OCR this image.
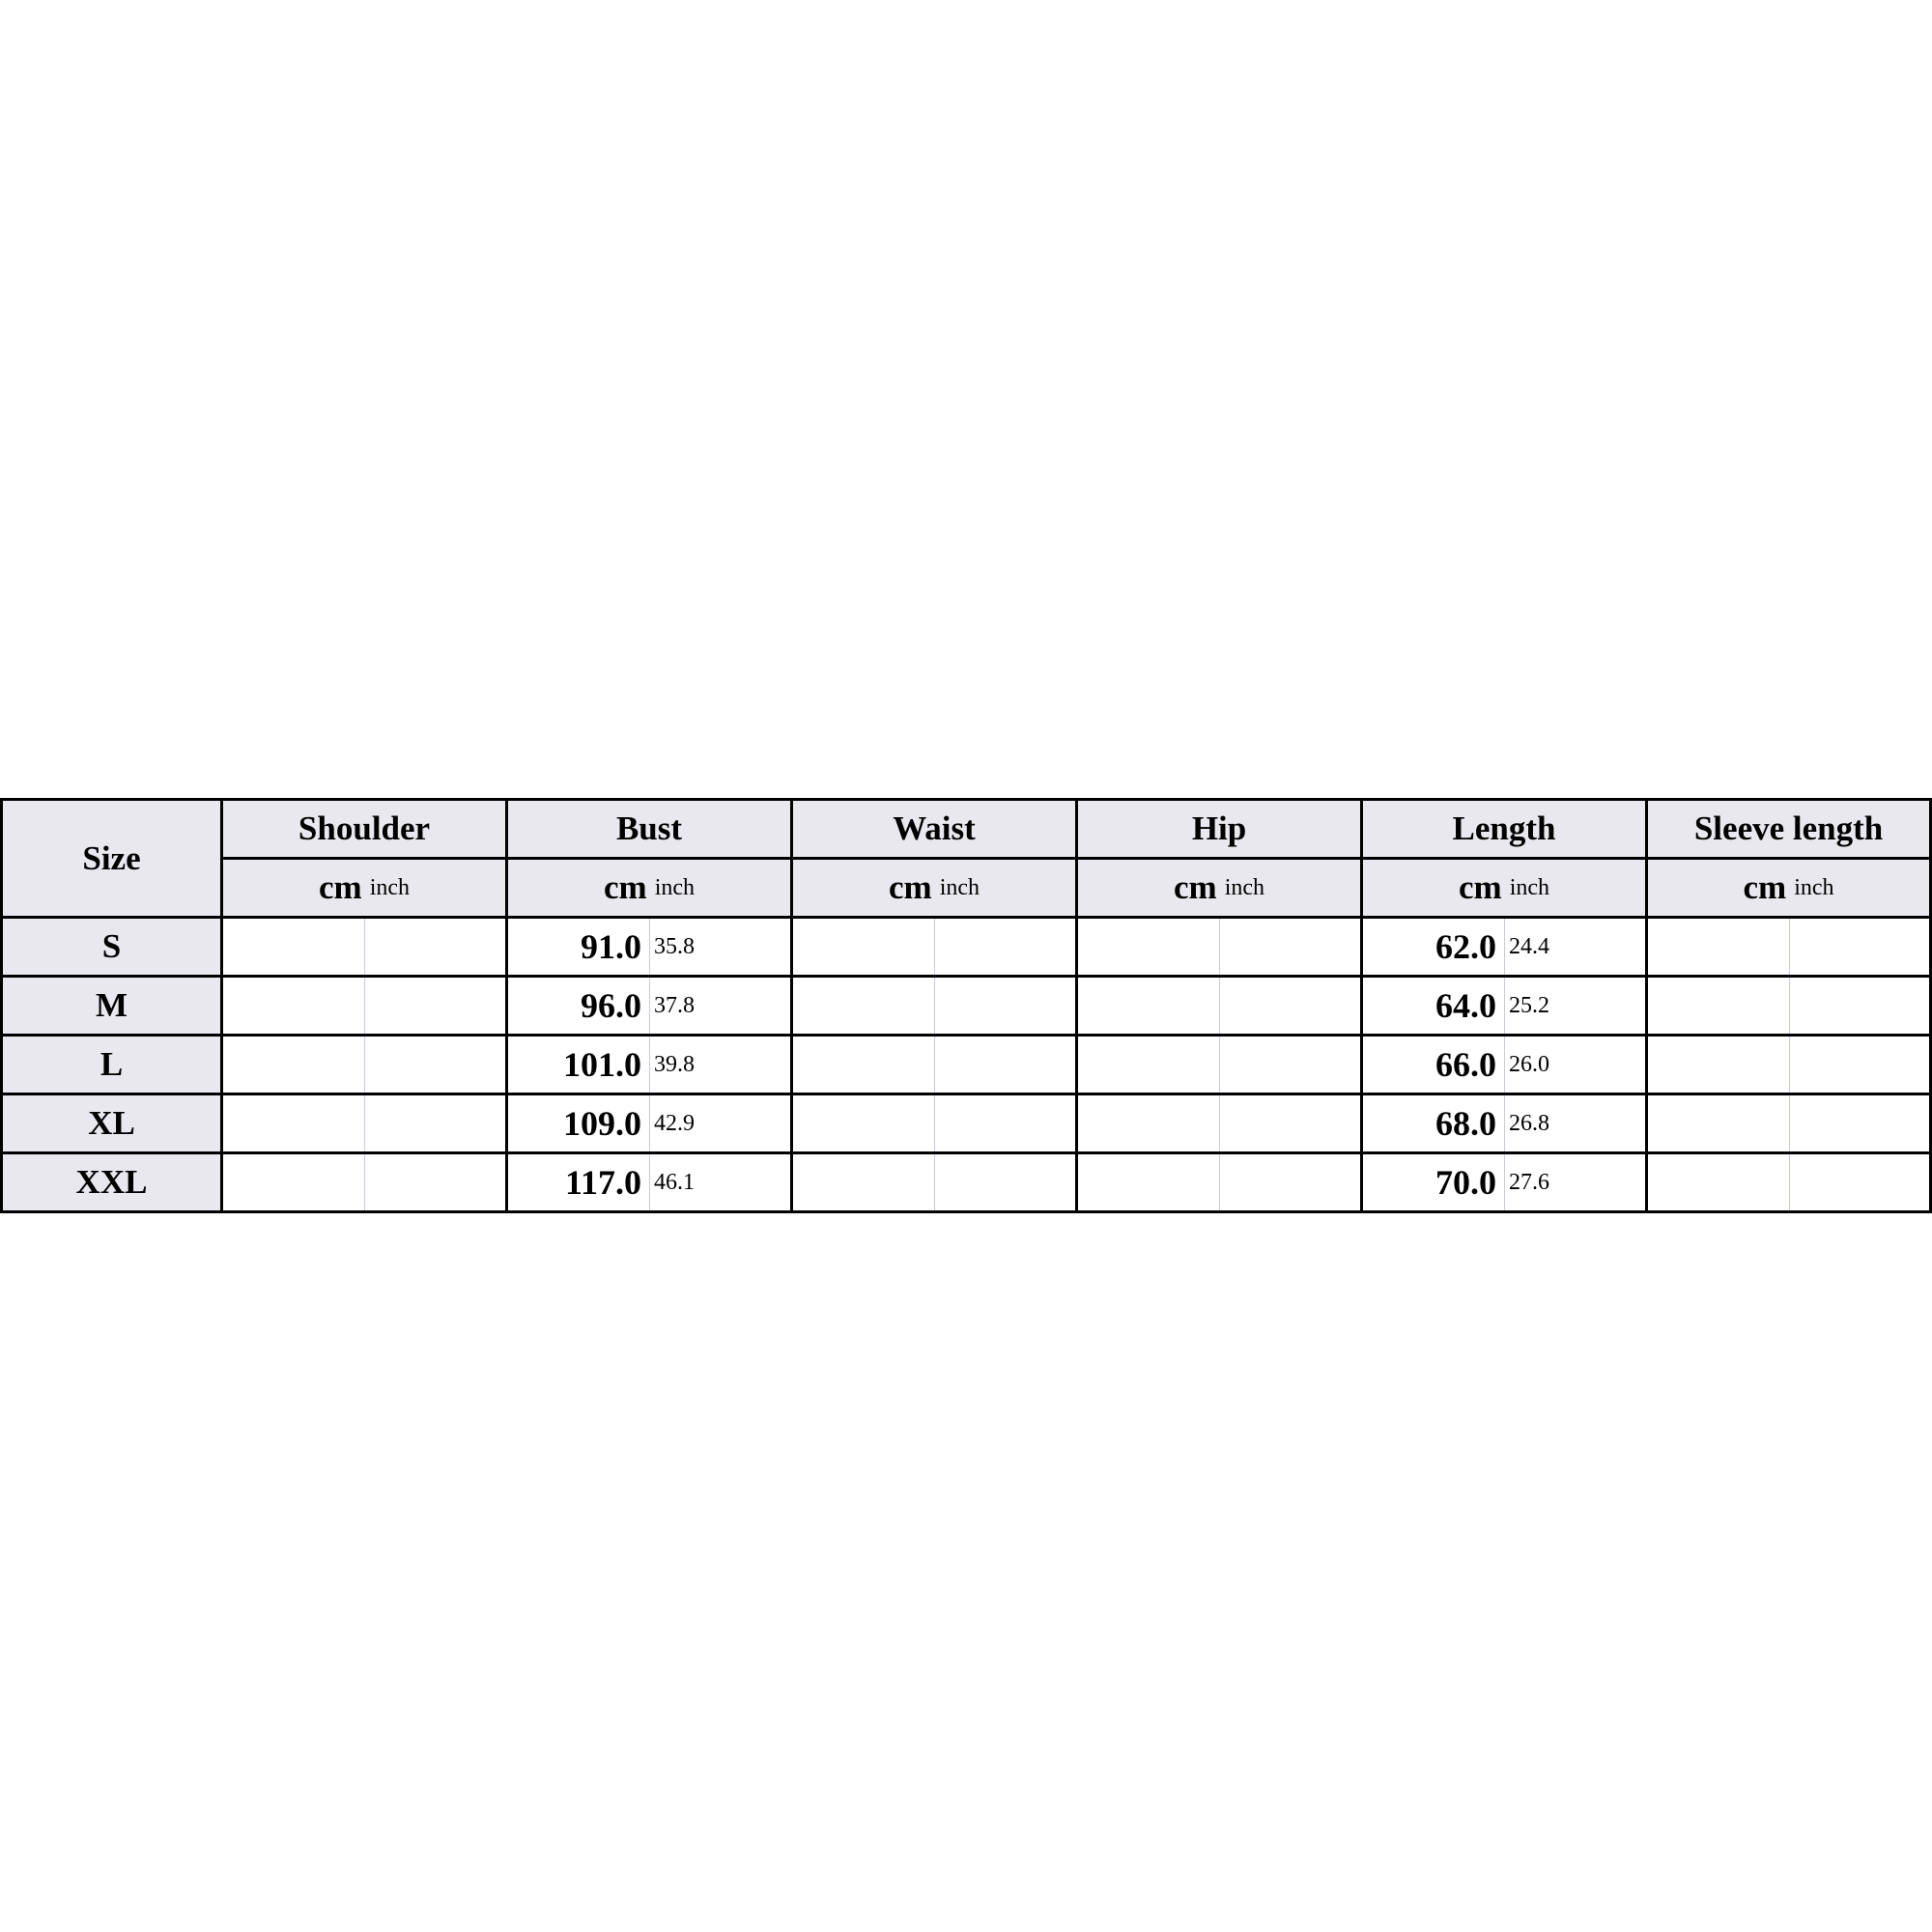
Size	Shoulder		Bust		Waist		Hip		Length		Sleeve length	
	cm inch		cm inch		cm inch		cm inch		cm inch		cm inch	
S			91.0	35.8					62.0	24.4		
M			96.0	37.8					64.0	25.2		
L			101.0	39.8					66.0	26.0		
XL			109.0	42.9					68.0	26.8		
XXL			117.0	46.1					70.0	27.6		
